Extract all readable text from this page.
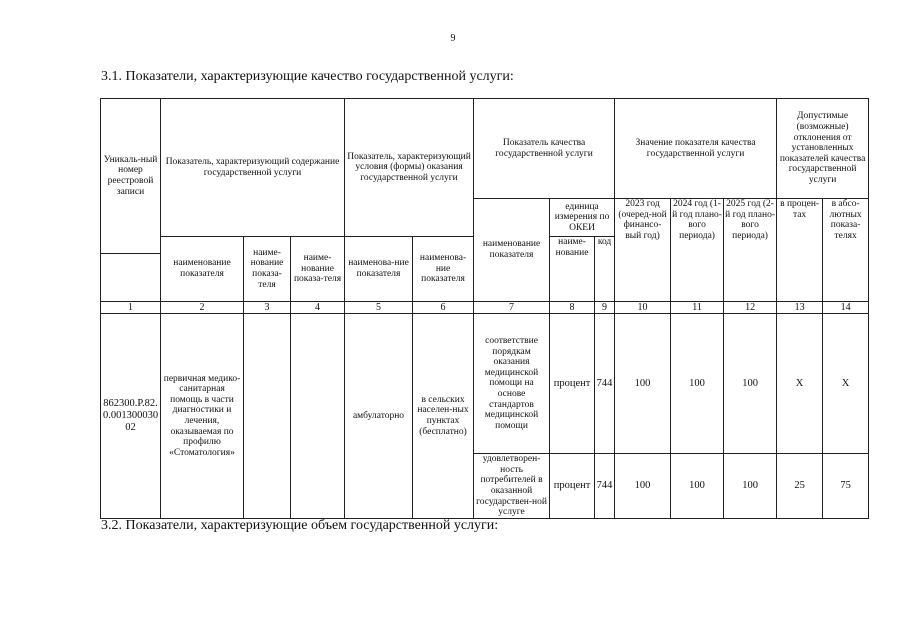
9
3.1. Показатели, характеризующие качество государственной услуги:
Уникаль-ный номер реестровой записи	Показатель, характеризующий содержание государственной услуги			Показатель, характеризующий условия (формы) оказания государственной услуги		Показатель качества государственной услуги			Значение показателя качества государственной услуги			Допустимые (возможные) отклонения от установленных показателей качества государственной услуги	
						наименование показателя	единица измерения по ОКЕИ		2023 год (очеред-ной финансо-вый год)	2024 год (1-й год плано-вого периода)	2025 год (2-й год плано-вого периода)	в процен-тах	в абсо-лютных показа-телях
	наименование показателя	наиме-нование показа-теля	наиме-нование показа-теля	наименова-ние показателя	наименова-ние показателя		наиме-нование	код					

1	2	3	4	5	6	7	8	9	10	11	12	13	14
862300.Р.82.0.00130003002	первичная медико-санитарная помощь в части диагностики и лечения, оказываемая по профилю «Стоматология»			амбулаторно	в сельских населен-ных пунктах (бесплатно)	соответствие порядкам оказания медицинской помощи на основе стандартов медицинской помощи	процент	744	100	100	100	Х	Х
						удовлетворен-ность потребителей в оказанной государствен-ной услуге	процент	744	100	100	100	25	75
3.2. Показатели, характеризующие объем государственной услуги:
